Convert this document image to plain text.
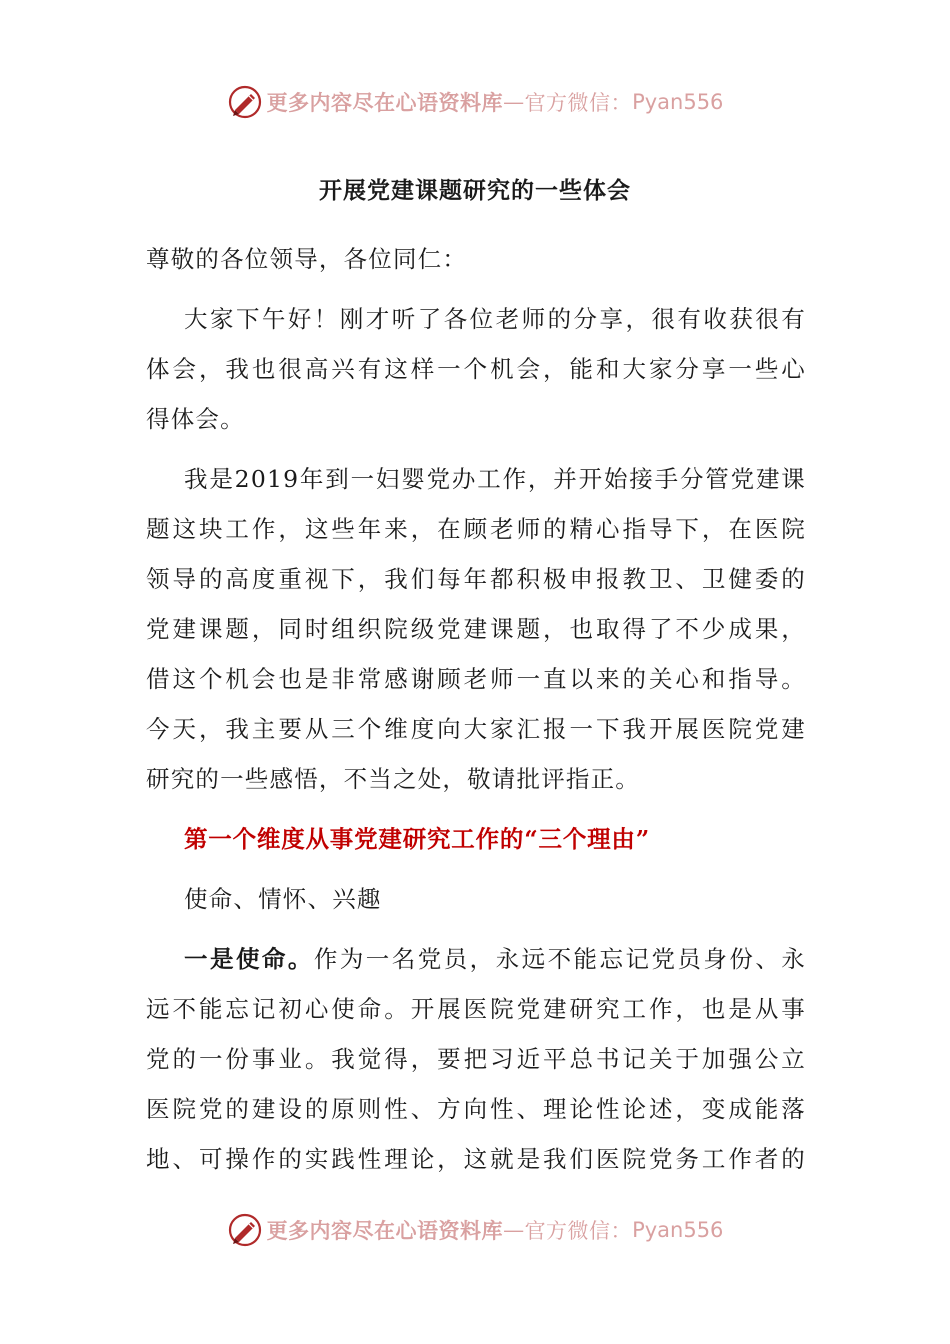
更多内容尽在心语资料库 — 官方微信： Pyan556
开展党建课题研究的一些体会
尊敬的各位领导，各位同仁：
大家下午好！刚才听了各位老师的分享，很有收获很有
体会，我也很高兴有这样一个机会，能和大家分享一些心
得体会。
我是2019年到一妇婴党办工作，并开始接手分管党建课
题这块工作，这些年来，在顾老师的精心指导下，在医院
领导的高度重视下，我们每年都积极申报教卫、卫健委的
党建课题，同时组织院级党建课题，也取得了不少成果，
借这个机会也是非常感谢顾老师一直以来的关心和指导。
今天，我主要从三个维度向大家汇报一下我开展医院党建
研究的一些感悟，不当之处，敬请批评指正。
第一个维度从事党建研究工作的“三个理由”
使命、情怀、兴趣
一是使命。作为一名党员，永远不能忘记党员身份、永
远不能忘记初心使命。开展医院党建研究工作，也是从事
党的一份事业。我觉得，要把习近平总书记关于加强公立
医院党的建设的原则性、方向性、理论性论述，变成能落
地、可操作的实践性理论，这就是我们医院党务工作者的
更多内容尽在心语资料库 — 官方微信： Pyan556
